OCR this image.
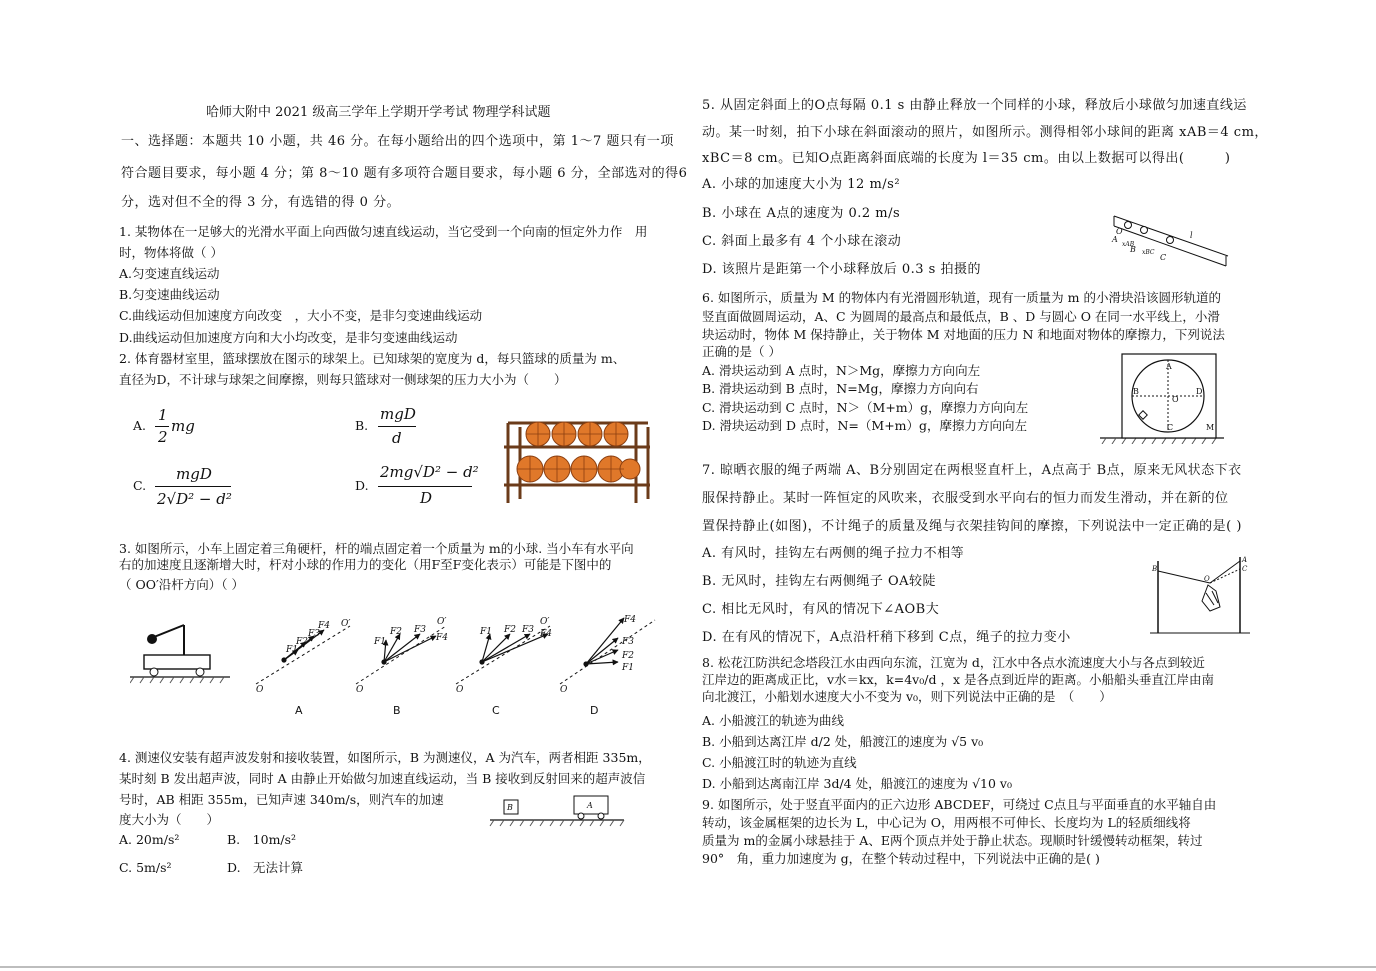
哈师大附中 2021 级高三学年上学期开学考试 物理学科试题
一、选择题：本题共 10 小题，共 46 分。在每小题给出的四个选项中，第 1～7 题只有一项
符合题目要求，每小题 4 分；第 8～10 题有多项符合题目要求，每小题 6 分，全部选对的得6
分，选对但不全的得 3 分，有选错的得 0 分。
1. 某物体在一足够大的光滑水平面上向西做匀速直线运动，当它受到一个向南的恒定外力作　用
时，物体将做（ ）
A.匀变速直线运动
B.匀变速曲线运动
C.曲线运动但加速度方向改变　，大小不变，是非匀变速曲线运动
D.曲线运动但加速度方向和大小均改变，是非匀变速曲线运动
2. 体育器材室里，篮球摆放在图示的球架上。已知球架的宽度为 d，每只篮球的质量为 m、
直径为D，不计球与球架之间摩擦，则每只篮球对一侧球架的压力大小为（　　）
A.
1
2
mg	B.
mgD
d
C.
mgD
2√D² − d²
D.
2mg√D² − d²
D
3. 如图所示，小车上固定着三角硬杆，杆的端点固定着一个质量为 m的小球. 当小车有水平向
右的加速度且逐渐增大时，杆对小球的作用力的变化（用F至F变化表示）可能是下图中的
（ OO′沿杆方向）（ ）
O
O′
O
O′
O
O′
O
F1
F2
F3
F4
F1
F2 F3
F4
F1 F2 F3 F4
F1
F2
F3
F4
A	B	C	D
4. 测速仪安装有超声波发射和接收装置，如图所示，B 为测速仪，A 为汽车，两者相距 335m，
某时刻 B 发出超声波，同时 A 由静止开始做匀加速直线运动，当 B 接收到反射回来的超声波信
号时，AB 相距 355m，已知声速 340m/s，则汽车的加速
度大小为（　　）
A. 20m/s²	B.　10m/s²
C. 5m/s²	D.　无法计算
B	A
5. 从固定斜面上的O点每隔 0.1 s 由静止释放一个同样的小球，释放后小球做匀加速直线运
动。某一时刻，拍下小球在斜面滚动的照片，如图所示。测得相邻小球间的距离 xAB＝4 cm，
xBC＝8 cm。已知O点距离斜面底端的长度为 l＝35 cm。由以上数据可以得出(　　　)
A. 小球的加速度大小为 12 m/s²
B. 小球在 A点的速度为 0.2 m/s
C. 斜面上最多有 4 个小球在滚动
D. 该照片是距第一个小球释放后 0.3 s 拍摄的
O
A
B
C
l
xAB
xBC
6. 如图所示，质量为 M 的物体内有光滑圆形轨道，现有一质量为 m 的小滑块沿该圆形轨道的
竖直面做圆周运动，A、C 为圆周的最高点和最低点，B 、D 与圆心 O 在同一水平线上，小滑
块运动时，物体 M 保持静止，关于物体 M 对地面的压力 N 和地面对物体的摩擦力，下列说法
正确的是（ ）
A. 滑块运动到 A 点时，N＞Mg，摩擦力方向向左
B. 滑块运动到 B 点时，N=Mg，摩擦力方向向右
C. 滑块运动到 C 点时，N＞（M+m）g，摩擦力方向向左
D. 滑块运动到 D 点时，N=（M+m）g，摩擦力方向向左
A
B
C
D
O
M
7. 晾晒衣服的绳子两端 A、B分别固定在两根竖直杆上，A点高于 B点，原来无风状态下衣
服保持静止。某时一阵恒定的风吹来，衣服受到水平向右的恒力而发生滑动，并在新的位
置保持静止(如图)，不计绳子的质量及绳与衣架挂钩间的摩擦，下列说法中一定正确的是( )
A. 有风时，挂钩左右两侧的绳子拉力不相等
B. 无风时，挂钩左右两侧绳子 OA较陡
C. 相比无风时，有风的情况下∠AOB大
D. 在有风的情况下，A点沿杆稍下移到 C点，绳子的拉力变小
B
A
C
O
8. 松花江防洪纪念塔段江水由西向东流，江宽为 d，江水中各点水流速度大小与各点到较近
江岸边的距离成正比，v水＝kx，k=4v₀/d ，x 是各点到近岸的距离。小船船头垂直江岸由南
向北渡江，小船划水速度大小不变为 v₀，则下列说法中正确的是　（　　）
A. 小船渡江的轨迹为曲线
B. 小船到达离江岸 d/2 处，船渡江的速度为 √5 v₀
C. 小船渡江时的轨迹为直线
D. 小船到达离南江岸 3d/4 处，船渡江的速度为 √10 v₀
9. 如图所示，处于竖直平面内的正六边形 ABCDEF，可绕过 C点且与平面垂直的水平轴自由
转动，该金属框架的边长为 L，中心记为 O，用两根不可伸长、长度均为 L的轻质细线将
质量为 m的金属小球悬挂于 A、E两个顶点并处于静止状态。现顺时针缓慢转动框架，转过
90°　角，重力加速度为 g，在整个转动过程中，下列说法中正确的是( )
